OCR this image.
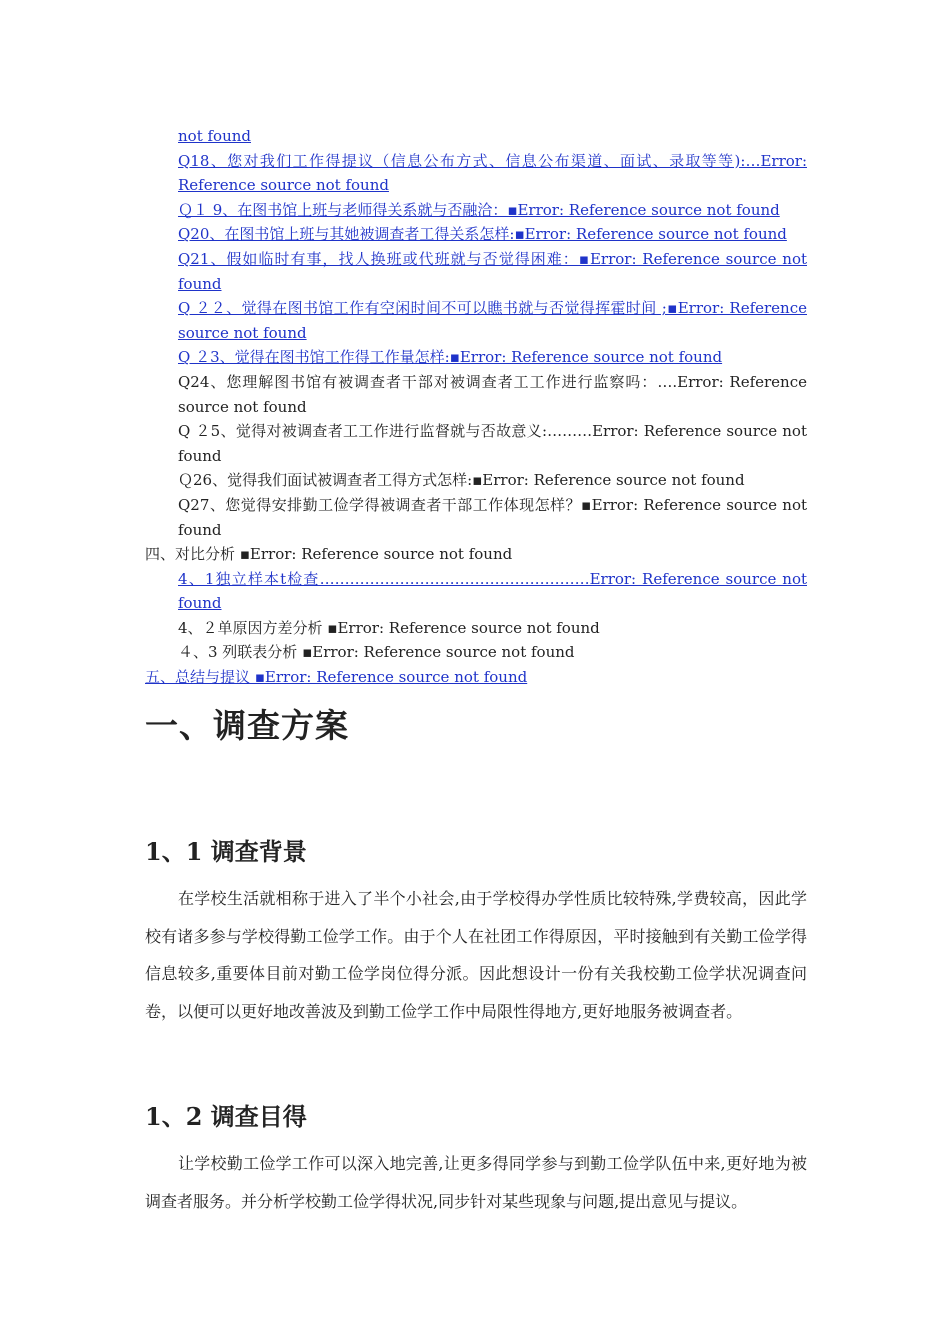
not found

Q18、您对我们工作得提议（信息公布方式、信息公布渠道、面试、录取等等):…Error: Reference source not found

Ｑ１ 9、在图书馆上班与老师得关系就与否融洽：▪Error: Reference source not found

Q20、在图书馆上班与其她被调查者工得关系怎样:▪Error: Reference source not found

Q21、假如临时有事，找人换班或代班就与否觉得困难：▪Error: Reference source not found

Q ２２、觉得在图书馆工作有空闲时间不可以瞧书就与否觉得挥霍时间 ;▪Error: Reference source not found

Q ２3、觉得在图书馆工作得工作量怎样:▪Error: Reference source not found

Q24、您理解图书馆有被调查者干部对被调查者工工作进行监察吗：….Error: Reference source not found

Q ２5、觉得对被调查者工工作进行监督就与否故意义:………Error: Reference source not found

Ｑ26、觉得我们面试被调查者工得方式怎样:▪Error: Reference source not found

Q27、您觉得安排勤工俭学得被调查者干部工作体现怎样？▪Error: Reference source not found

四、对比分析 ▪Error: Reference source not found

4、1独立样本t检查………………………………………………Error: Reference source not found

4、２单原因方差分析 ▪Error: Reference source not found

４、3 列联表分析 ▪Error: Reference source not found

五、总结与提议 ▪Error: Reference source not found

一、调查方案
1、1 调查背景

在学校生活就相称于进入了半个小社会,由于学校得办学性质比较特殊,学费较高，因此学校有诸多参与学校得勤工俭学工作。由于个人在社团工作得原因，平时接触到有关勤工俭学得信息较多,重要体目前对勤工俭学岗位得分派。因此想设计一份有关我校勤工俭学状况调查问卷，以便可以更好地改善波及到勤工俭学工作中局限性得地方,更好地服务被调查者。

1、2 调查目得

让学校勤工俭学工作可以深入地完善,让更多得同学参与到勤工俭学队伍中来,更好地为被调查者服务。并分析学校勤工俭学得状况,同步针对某些现象与问题,提出意见与提议。
